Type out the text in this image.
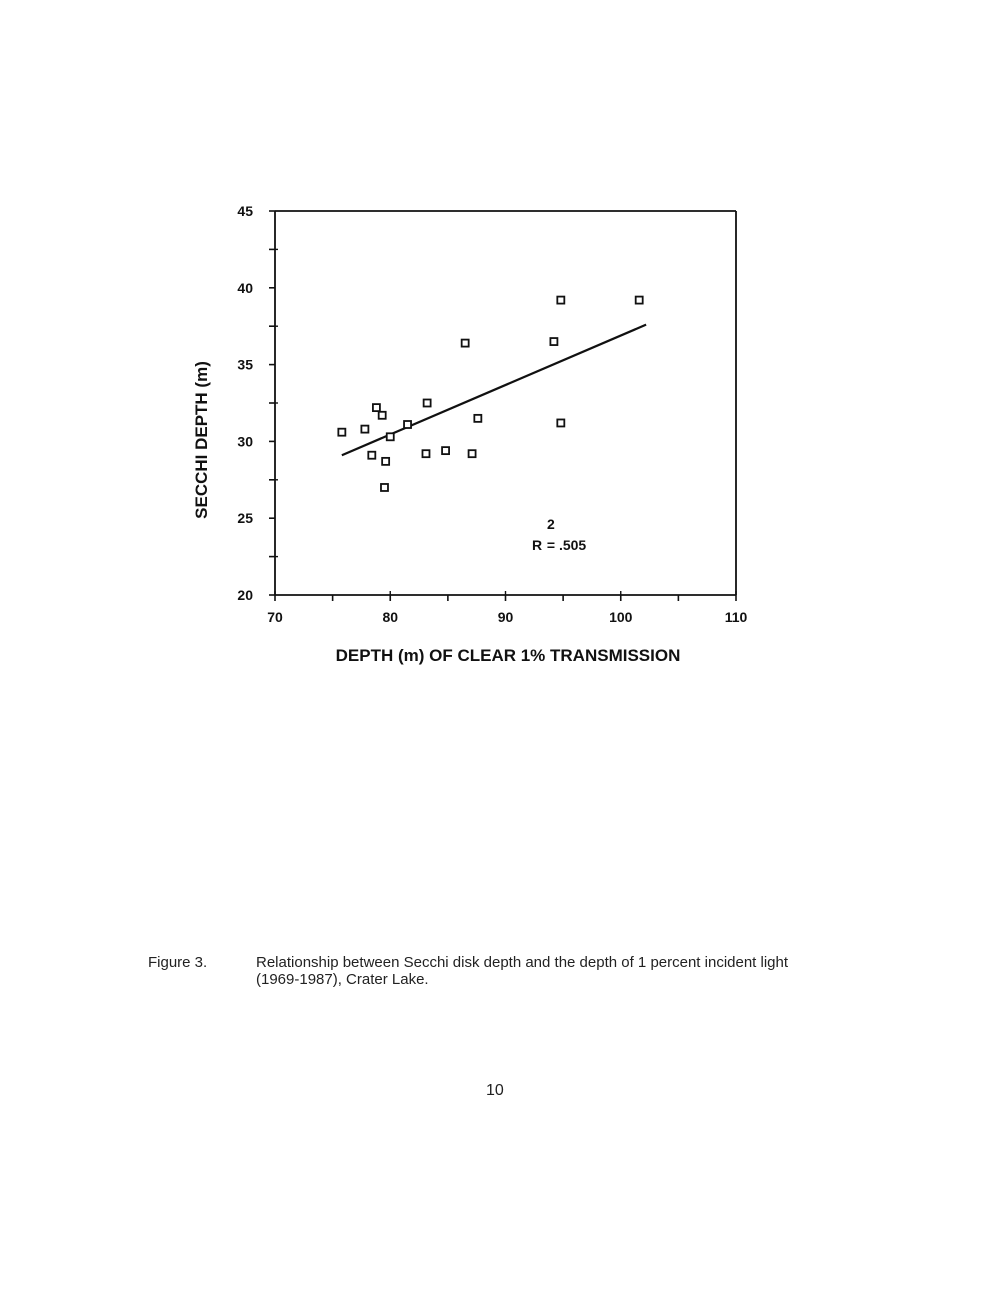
20
25
30
35
40
45
70	80	90	100	110
DEPTH (m) OF CLEAR 1% TRANSMISSION
SECCHI DEPTH (m)
R
2
= .505
Figure 3.	Relationship between Secchi disk depth and the depth of 1 percent incident light (1969-1987), Crater Lake.
10
